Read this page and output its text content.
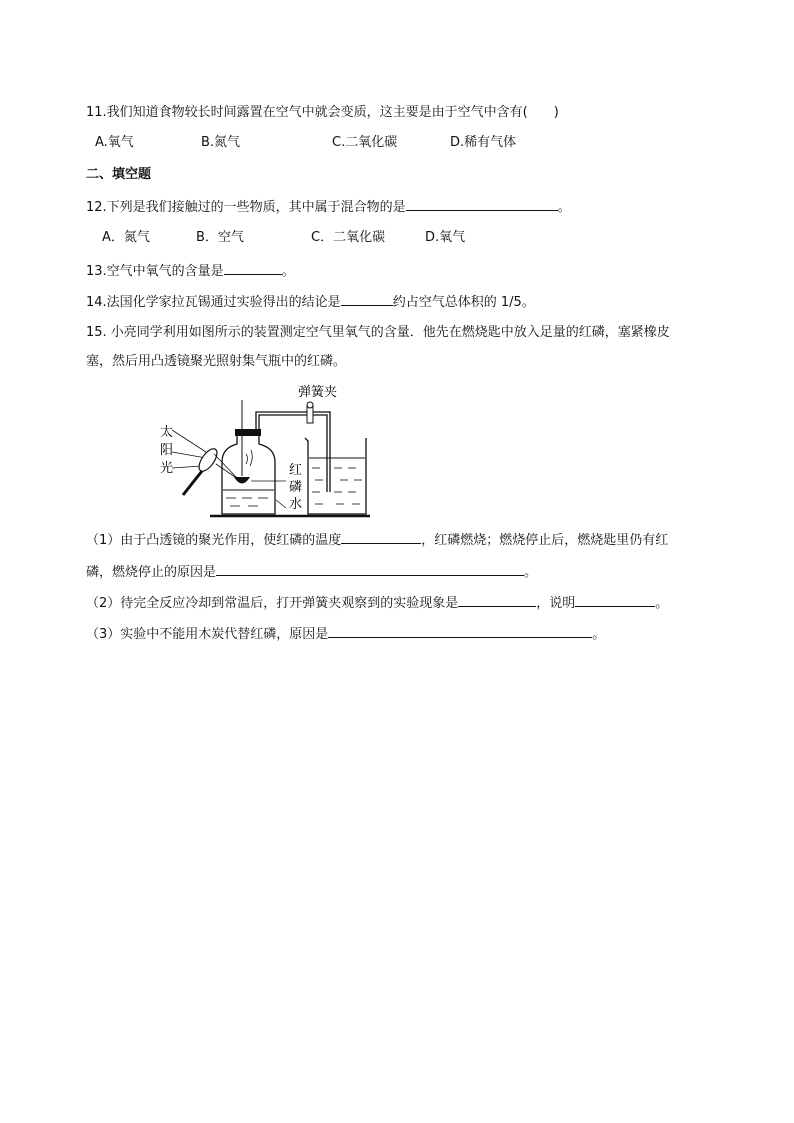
11.我们知道食物较长时间露置在空气中就会变质，这主要是由于空气中含有(　　)
A.氧气	B.氮气	C.二氧化碳	D.稀有气体
二、填空题
12.下列是我们接触过的一些物质，其中属于混合物的是	。
A．氮气	B．空气	C．二氧化碳	D.氧气
13.空气中氧气的含量是	。
14.法国化学家拉瓦锡通过实验得出的结论是	约占空气总体积的 1/5。
15. 小亮同学利用如图所示的装置测定空气里氧气的含量．他先在燃烧匙中放入足量的红磷，塞紧橡皮
塞，然后用凸透镜聚光照射集气瓶中的红磷。
弹簧夹
太
阳
光	红
磷
水
（1）由于凸透镜的聚光作用，使红磷的温度	，红磷燃烧；燃烧停止后，燃烧匙里仍有红
磷，燃烧停止的原因是	。
（2）待完全反应冷却到常温后，打开弹簧夹观察到的实验现象是	，说明	。
（3）实验中不能用木炭代替红磷，原因是	。
